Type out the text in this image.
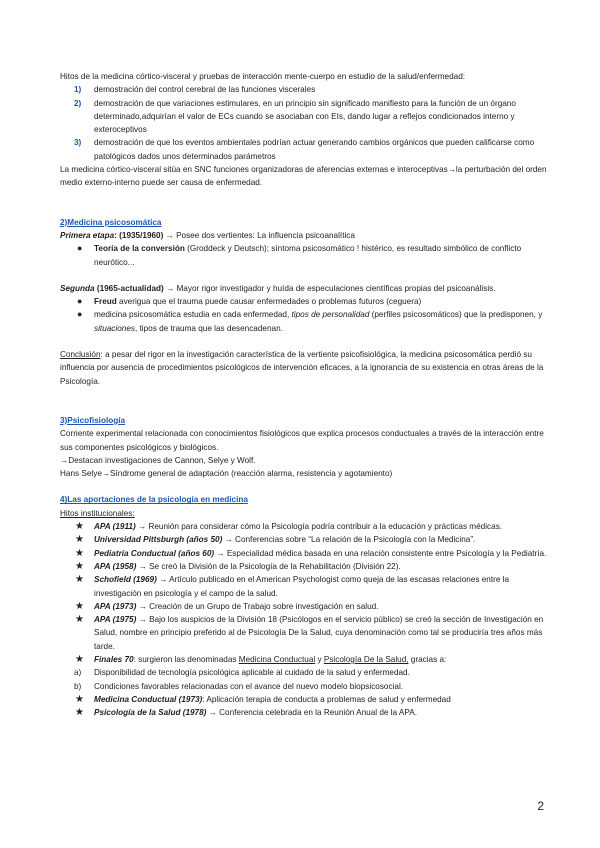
Hitos de la medicina córtico-visceral y pruebas de interacción mente-cuerpo en estudio de la salud/enfermedad:

1) demostración del control cerebral de las funciones viscerales
2) demostración de que variaciones estimulares, en un principio sin significado manifiesto para la función de un órgano determinado,adquirían el valor de ECs cuando se asociaban con EIs, dando lugar a reflejos condicionados interno y exteroceptivos
3) demostración de que los eventos ambientales podrían actuar generando cambios orgánicos que pueden calificarse como patológicos dados unos determinados parámetros

La medicina córtico-visceral sitúa en SNC funciones organizadoras de aferencias externas e interoceptivas→la perturbación del orden medio externo-interno puede ser causa de enfermedad.

2)Medicina psicosomática

Primera etapa: (1935/1960) → Posee dos vertientes: La influencia psicoanalítica

● Teoría de la conversión (Groddeck y Deutsch); síntoma psicosomático ! histérico, es resultado simbólico de conflicto neurótico...

Segunda (1965-actualidad) → Mayor rigor investigador y huída de especulaciones científicas propias del psicoanálisis.

● Freud averigua que el trauma puede causar enfermedades o problemas futuros (ceguera)
● medicina psicosomática estudia en cada enfermedad, tipos de personalidad (perfiles psicosomáticos) que la predisponen, y situaciones, tipos de trauma que las desencadenan.

Conclusión: a pesar del rigor en la investigación característica de la vertiente psicofisiológica, la medicina psicosomática perdió su influencia por ausencia de procedimientos psicológicos de intervención eficaces, a la ignorancia de su existencia en otras áreas de la Psicología.

3)Psicofisiología

Corriente experimental relacionada con conocimientos fisiológicos que explica procesos conductuales a través de la interacción entre sus componentes psicológicos y biológicos.

→Destacan investigaciones de Cannon, Selye y Wolf.

Hans Selye→Síndrome general de adaptación (reacción alarma, resistencia y agotamiento)

4)Las aportaciones de la psicología en medicina

Hitos institucionales:

★ APA (1911) → Reunión para considerar cómo la Psicología podría contribuir a la educación y prácticas médicas.
★ Universidad Pittsburgh (años 50) → Conferencias sobre “La relación de la Psicología con la Medicina”.
★ Pediatría Conductual (años 60) → Especialidad médica basada en una relación consistente entre Psicología y la Pediatría.
★ APA (1958) → Se creó la División de la Psicología de la Rehabilitación (División 22).
★ Schofield (1969) → Artículo publicado en el American Psychologist como queja de las escasas relaciones entre la investigación en psicología y el campo de la salud.
★ APA (1973) → Creación de un Grupo de Trabajo sobre investigación en salud.
★ APA (1975) → Bajo los auspicios de la División 18 (Psicólogos en el servicio público) se creó la sección de Investigación en Salud, nombre en principio preferido al de Psicología De la Salud, cuya denominación como tal se produciría tres años más tarde.
★ Finales 70: surgieron las denominadas Medicina Conductual y Psicología De la Salud, gracias a:
a) Disponibilidad de tecnología psicológica aplicable al cuidado de la salud y enfermedad.
b) Condiciones favorables relacionadas con el avance del nuevo modelo biopsicosocial.
★ Medicina Conductual (1973): Aplicación terapia de conducta a problemas de salud y enfermedad
★ Psicología de la Salud (1978) → Conferencia celebrada en la Reunión Anual de la APA.
2
